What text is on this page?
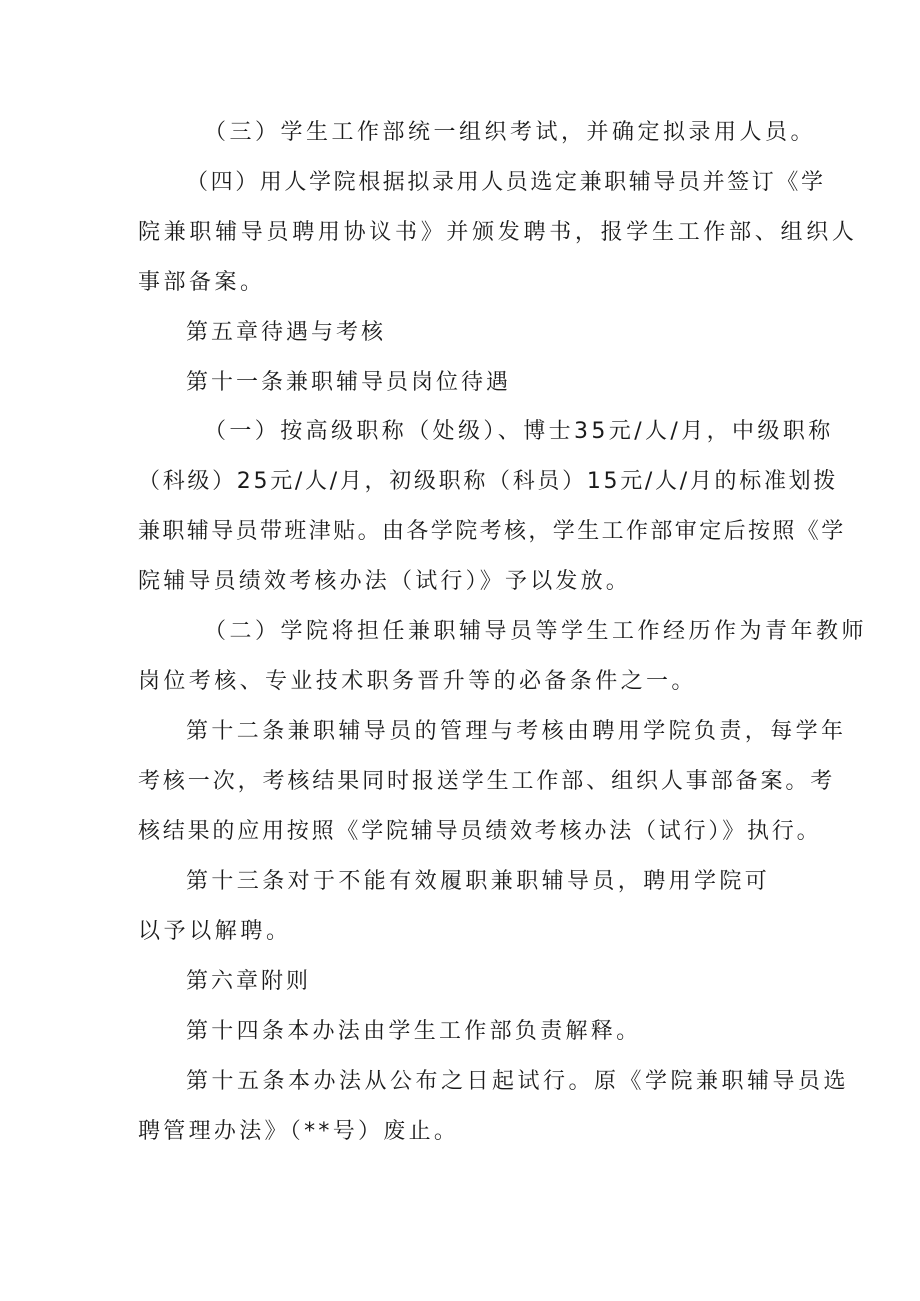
（三）学生工作部统一组织考试，并确定拟录用人员。
（四）用人学院根据拟录用人员选定兼职辅导员并签订《学
院兼职辅导员聘用协议书》并颁发聘书，报学生工作部、组织人
事部备案。
第五章待遇与考核
第十一条兼职辅导员岗位待遇
（一）按高级职称（处级）、博士35元/人/月，中级职称
（科级）25元/人/月，初级职称（科员）15元/人/月的标准划拨
兼职辅导员带班津贴。由各学院考核，学生工作部审定后按照《学
院辅导员绩效考核办法（试行）》予以发放。
（二）学院将担任兼职辅导员等学生工作经历作为青年教师
岗位考核、专业技术职务晋升等的必备条件之一。
第十二条兼职辅导员的管理与考核由聘用学院负责，每学年
考核一次，考核结果同时报送学生工作部、组织人事部备案。考
核结果的应用按照《学院辅导员绩效考核办法（试行）》执行。
第十三条对于不能有效履职兼职辅导员，聘用学院可
以予以解聘。
第六章附则
第十四条本办法由学生工作部负责解释。
第十五条本办法从公布之日起试行。原《学院兼职辅导员选
聘管理办法》（**号）废止。
